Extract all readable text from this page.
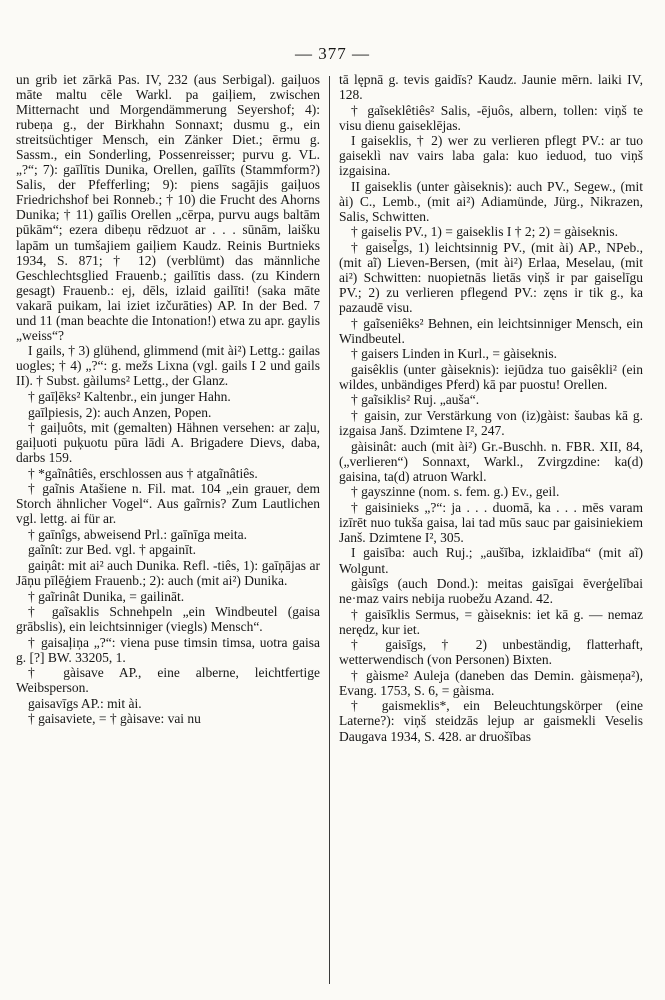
— 377 —

un grib iet zārkā Pas. IV, 232 (aus Serbigal). gaiļuos māte maltu cēle Warkl. pa gaiļiem, zwischen Mitternacht und Morgendämmerung Seyershof; 4): rubeņa g., der Birkhahn Sonnaxt; dusmu g., ein streitsüchtiger Mensch, ein Zänker Diet.; ērmu g. Sassm., ein Sonderling, Possenreisser; purvu g. VL. „?“; 7): gaīlītis Dunika, Orellen, gaīlīts (Stammform?) Salis, der Pfefferling; 9): piens sagājis gaiļuos Friedrichshof bei Ronneb.; † 10) die Frucht des Ahorns Dunika; † 11) gaīlis Orellen „cērpa, purvu augs baltām pūkām“; ezera dibeņu rēdzuot ar . . . sūnām, laišku lapām un tumšajiem gaiļiem Kaudz. Reinis Burtnieks 1934, S. 871; † 12) (verblümt) das männliche Geschlechtsglied Frauenb.; gailītis dass. (zu Kindern gesagt) Frauenb.: ej, dēls, izlaid gailīti! (saka māte vakarā puikam, lai iziet izčurāties) AP. In der Bed. 7 und 11 (man beachte die Intonation!) etwa zu apr. gaylis „weiss“?

I gails, † 3) glühend, glimmend (mit ài²) Lettg.: gailas uogles; † 4) „?“: g. mežs Lixna (vgl. gails I 2 und gails II). † Subst. gàilums² Lettg., der Glanz.

† gaīļēks² Kaltenbr., ein junger Hahn.

gaīlpiesis, 2): auch Anzen, Popen.

† gaiļuôts, mit (gemalten) Hähnen versehen: ar zaļu, gaiļuoti puķuotu pūra lādi A. Brigadere Dievs, daba, darbs 159.

† *gaĩnâtiês, erschlossen aus † atgaĩnâtiês.

† gaĩnis Atašiene n. Fil. mat. 104 „ein grauer, dem Storch ähnlicher Vogel“. Aus gaĩrnis? Zum Lautlichen vgl. lettg. ai für ar.

† gaīnîgs, abweisend Prl.: gaīnīga meita.

gaĩnît: zur Bed. vgl. † apgainīt.

gaiņât: mit ai² auch Dunika. Refl. -tiês, 1): gaīņājas ar Jāņu pīlēģiem Frauenb.; 2): auch (mit ai²) Dunika.

† gaĩrinât Dunika, = gailināt.

† gaĩsaklis Schnehpeln „ein Windbeutel (gaisa grābslis), ein leichtsinniger (viegls) Mensch“.

† gaisaļiņa „?“: viena puse timsin timsa, uotra gaisa g. [?] BW. 33205, 1.

† gàisave AP., eine alberne, leichtfertige Weibsperson.

gaisavīgs AP.: mit ài.

† gaisaviete, = † gàisave: vai nu

tā lępnā g. tevis gaidīs? Kaudz. Jaunie mērn. laiki IV, 128.

† gaĩseklêtiês² Salis, -ējuôs, albern, tollen: viņš te visu dienu gaiseklējas.

I gaiseklis, † 2) wer zu verlieren pflegt PV.: ar tuo gaiseklì nav vairs laba gala: kuo ieduod, tuo viņš izgaisina.

II gaiseklis (unter gàiseknis): auch PV., Segew., (mit ài) C., Lemb., (mit ai²) Adiamünde, Jürg., Nikrazen, Salis, Schwitten.

† gaiselis PV., 1) = gaiseklis I † 2; 2) = gàiseknis.

† gaisel̃gs, 1) leichtsinnig PV., (mit ài) AP., NPeb., (mit aĩ) Lieven-Bersen, (mit ài²) Erlaa, Meselau, (mit ai²) Schwitten: nuopietnās lietās viņš ir par gaiselīgu PV.; 2) zu verlieren pflegend PV.: zęns ir tik g., ka pazaudē visu.

† gaĩseniêks² Behnen, ein leichtsinniger Mensch, ein Windbeutel.

† gaisers Linden in Kurl., = gàiseknis.

gaisêklis (unter gàiseknis): iejūdza tuo gaisêkli² (ein wildes, unbändiges Pferd) kā par puostu! Orellen.

† gaĩsiklis² Ruj. „auša“.

† gaisin, zur Verstärkung von (iz)gàist: šaubas kā g. izgaisa Janš. Dzimtene I², 247.

gàisinât: auch (mit ài²) Gr.-Buschh. n. FBR. XII, 84, („verlieren“) Sonnaxt, Warkl., Zvirgzdine: ka(d) gaisina, ta(d) atruon Warkl.

† gayszinne (nom. s. fem. g.) Ev., geil.

† gaisinieks „?“: ja . . . duomā, ka . . . mēs varam izīrēt nuo tukša gaisa, lai tad mūs sauc par gaisiniekiem Janš. Dzimtene I², 305.

I gaisība: auch Ruj.; „aušība, izklaidība“ (mit aĩ) Wolgunt.

gàisîgs (auch Dond.): meitas gaisīgai ēverģelībai ne·maz vairs nebija ruobežu Azand. 42.

† gaisīklis Sermus, = gàiseknis: iet kā g. — nemaz nerędz, kur iet.

† gaisīgs, † 2) unbeständig, flatterhaft, wetterwendisch (von Personen) Bixten.

† gàisme² Auleja (daneben das Demin. gàismeņa²), Evang. 1753, S. 6, = gàisma.

† gaismeklis*, ein Beleuchtungskörper (eine Laterne?): viņš steidzās lejup ar gaismekli Veselis Daugava 1934, S. 428. ar druošības
